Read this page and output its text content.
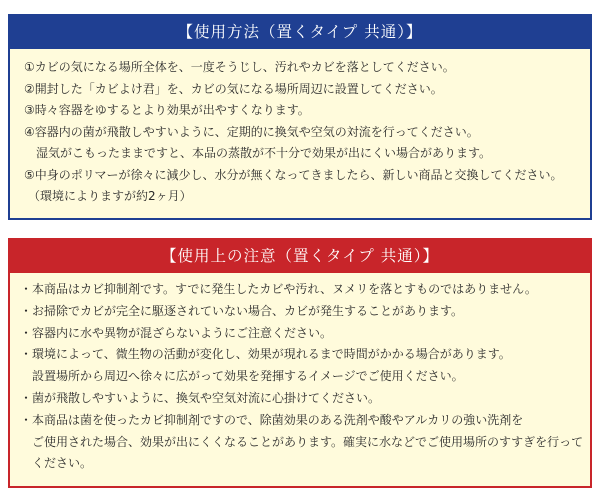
【使用方法（置くタイプ 共通）】
①カビの気になる場所全体を、一度そうじし、汚れやカビを落としてください。
②開封した「カビよけ君」を、カビの気になる場所周辺に設置してください。
③時々容器をゆするとより効果が出やすくなります。
④容器内の菌が飛散しやすいように、定期的に換気や空気の対流を行ってください。
湿気がこもったままですと、本品の蒸散が不十分で効果が出にくい場合があります。
⑤中身のポリマーが徐々に減少し、水分が無くなってきましたら、新しい商品と交換してください。
（環境によりますが約2ヶ月）
【使用上の注意（置くタイプ 共通）】
・本商品はカビ抑制剤です。すでに発生したカビや汚れ、ヌメリを落とすものではありません。
・お掃除でカビが完全に駆逐されていない場合、カビが発生することがあります。
・容器内に水や異物が混ざらないようにご注意ください。
・環境によって、微生物の活動が変化し、効果が現れるまで時間がかかる場合があります。
設置場所から周辺へ徐々に広がって効果を発揮するイメージでご使用ください。
・菌が飛散しやすいように、換気や空気対流に心掛けてください。
・本商品は菌を使ったカビ抑制剤ですので、除菌効果のある洗剤や酸やアルカリの強い洗剤を
ご使用された場合、効果が出にくくなることがあります。確実に水などでご使用場所のすすぎを行って
ください。
